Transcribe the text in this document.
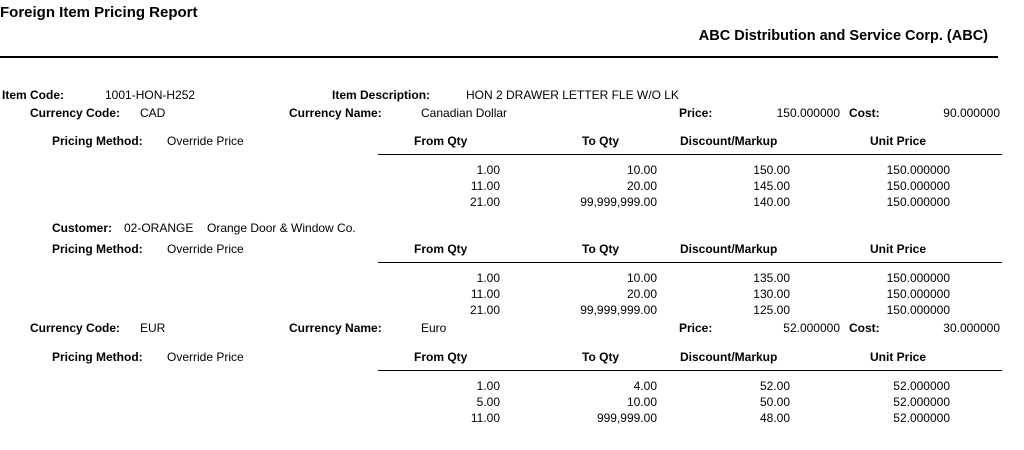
Foreign Item Pricing Report
ABC Distribution and Service Corp. (ABC)
Item Code:	1001-HON-H252	Item Description:	HON 2 DRAWER LETTER FLE W/O LK
Currency Code: CAD	Currency Name:	Canadian Dollar	Price:	150.000000 Cost:	90.000000
Pricing Method: Override Price	From Qty	To Qty	Discount/Markup	Unit Price
1.00	10.00	150.00	150.000000
11.00	20.00	145.00	150.000000
21.00	99,999,999.00	140.00	150.000000
Customer: 02-ORANGE Orange Door & Window Co.
Pricing Method: Override Price	From Qty	To Qty	Discount/Markup	Unit Price
1.00	10.00	135.00	150.000000
11.00	20.00	130.00	150.000000
21.00	99,999,999.00	125.00	150.000000
Currency Code: EUR	Currency Name:	Euro	Price:	52.000000 Cost:	30.000000
Pricing Method: Override Price	From Qty	To Qty	Discount/Markup	Unit Price
1.00	4.00	52.00	52.000000
5.00	10.00	50.00	52.000000
11.00	999,999.00	48.00	52.000000
